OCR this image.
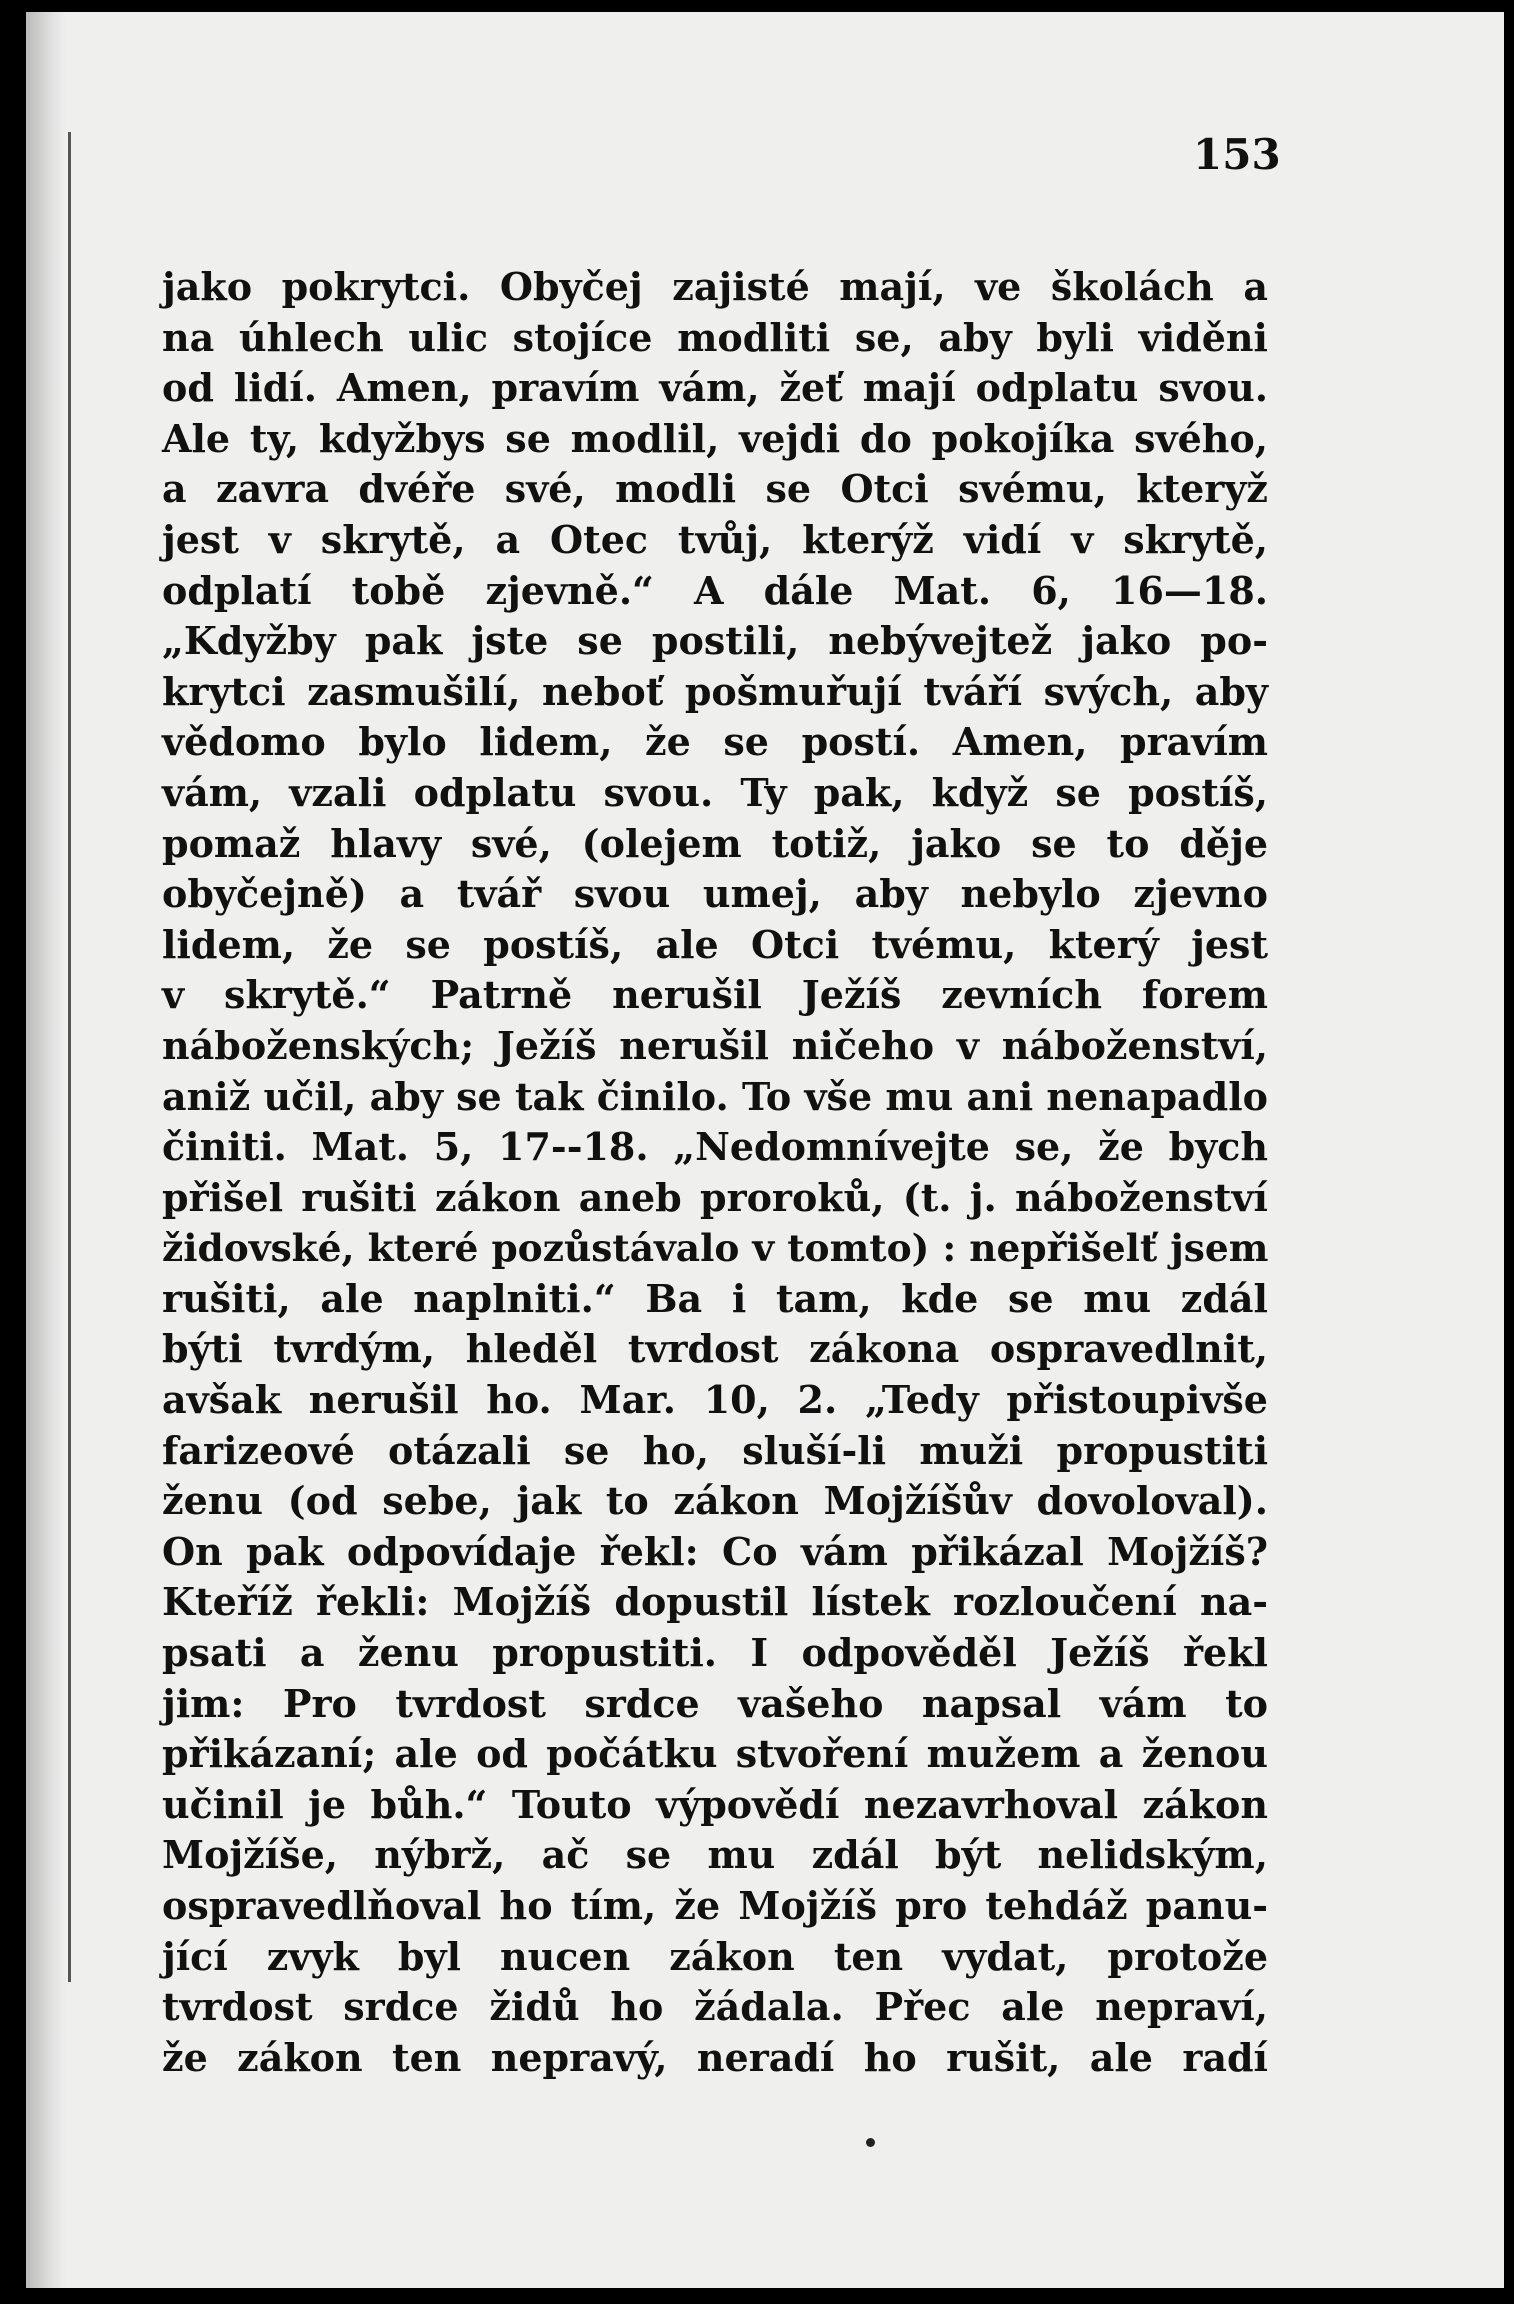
153
jako pokrytci. Obyčej zajisté mají, ve školách a
na úhlech ulic stojíce modliti se, aby byli viděni
od lidí. Amen, pravím vám, žeť mají odplatu svou.
Ale ty, kdyžbys se modlil, vejdi do pokojíka svého,
a zavra dvéře své, modli se Otci svému, kteryž
jest v skrytě, a Otec tvůj, kterýž vidí v skrytě,
odplatí tobě zjevně.“ A dále Mat. 6, 16—18.
„Kdyžby pak jste se postili, nebývejtež jako po-
krytci zasmušilí, neboť pošmuřují tváří svých, aby
vědomo bylo lidem, že se postí. Amen, pravím
vám, vzali odplatu svou. Ty pak, když se postíš,
pomaž hlavy své, (olejem totiž, jako se to děje
obyčejně) a tvář svou umej, aby nebylo zjevno
lidem, že se postíš, ale Otci tvému, který jest
v skrytě.“ Patrně nerušil Ježíš zevních forem
náboženských; Ježíš nerušil ničeho v náboženství,
aniž učil, aby se tak činilo. To vše mu ani nenapadlo
činiti. Mat. 5, 17--18. „Nedomnívejte se, že bych
přišel rušiti zákon aneb proroků, (t. j. náboženství
židovské, které pozůstávalo v tomto) : nepřišelť jsem
rušiti, ale naplniti.“ Ba i tam, kde se mu zdál
býti tvrdým, hleděl tvrdost zákona ospravedlnit,
avšak nerušil ho. Mar. 10, 2. „Tedy přistoupivše
farizeové otázali se ho, sluší-li muži propustiti
ženu (od sebe, jak to zákon Mojžíšův dovoloval).
On pak odpovídaje řekl: Co vám přikázal Mojžíš?
Kteříž řekli: Mojžíš dopustil lístek rozloučení na-
psati a ženu propustiti. I odpověděl Ježíš řekl
jim: Pro tvrdost srdce vašeho napsal vám to
přikázaní; ale od počátku stvoření mužem a ženou
učinil je bůh.“ Touto výpovědí nezavrhoval zákon
Mojžíše, nýbrž, ač se mu zdál být nelidským,
ospravedlňoval ho tím, že Mojžíš pro tehdáž panu-
jící zvyk byl nucen zákon ten vydat, protože
tvrdost srdce židů ho žádala. Přec ale nepraví,
že zákon ten nepravý, neradí ho rušit, ale radí
